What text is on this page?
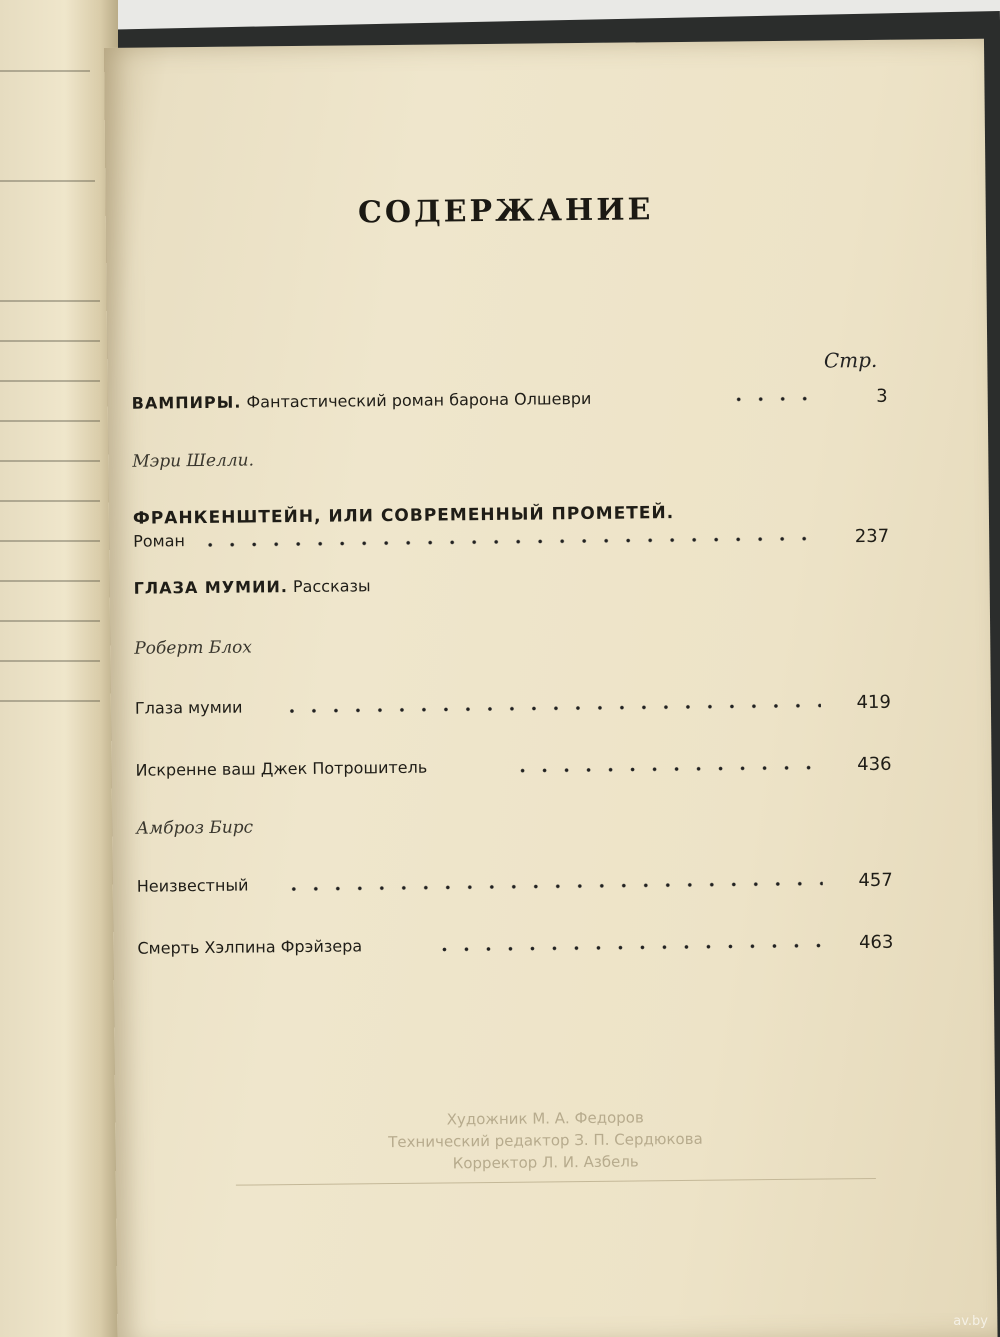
СОДЕРЖАНИЕ
Стр.
ВАМПИРЫ. Фантастический роман барона Олшеври	3
Мэри Шелли.
ФРАНКЕНШТЕЙН, ИЛИ СОВРЕМЕННЫЙ ПРОМЕТЕЙ.
Роман	237
ГЛАЗА МУМИИ. Рассказы
Роберт Блох
Глаза мумии	419
Искренне ваш Джек Потрошитель	436
Амброз Бирс
Неизвестный	457
Смерть Хэлпина Фрэйзера	463
Художник М. А. Федоров
Технический редактор З. П. Сердюкова
Корректор Л. И. Азбель
av.by
